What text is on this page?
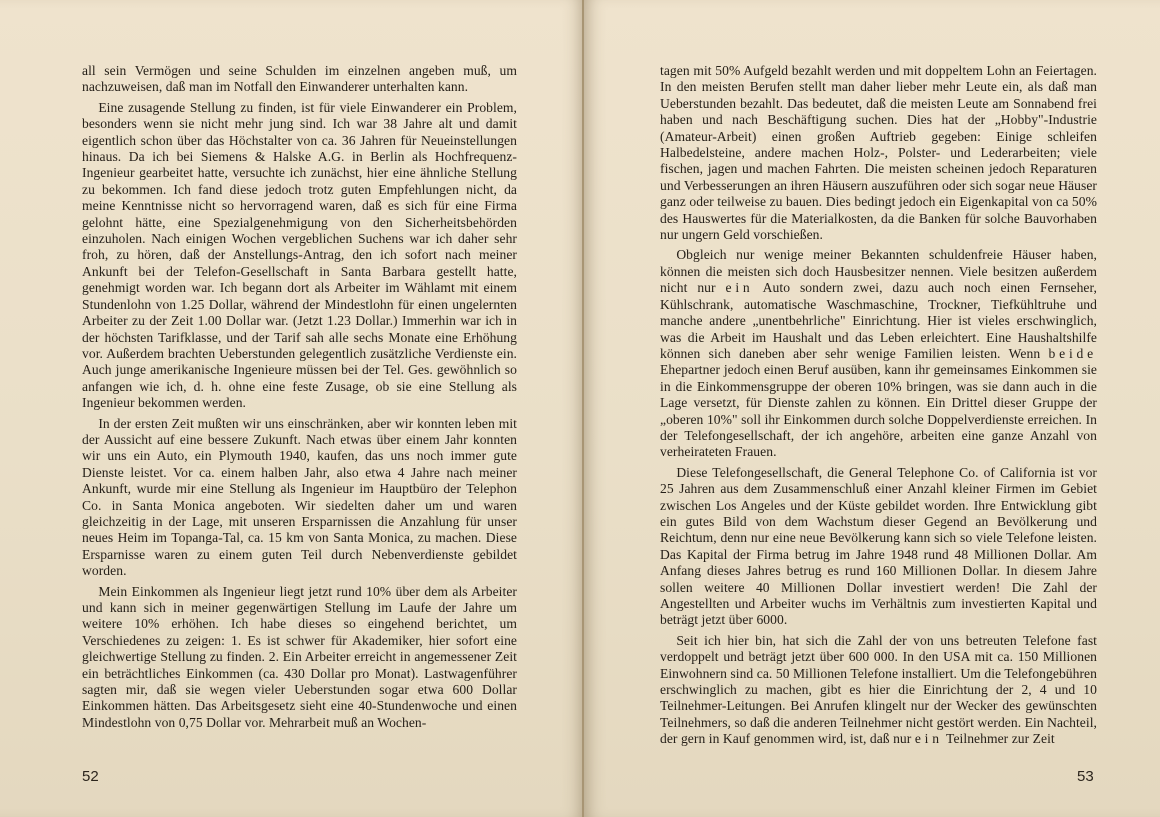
all sein Vermögen und seine Schulden im einzelnen angeben muß, um nachzuweisen, daß man im Notfall den Einwanderer unterhalten kann.

Eine zusagende Stellung zu finden, ist für viele Einwanderer ein Problem, besonders wenn sie nicht mehr jung sind. Ich war 38 Jahre alt und damit eigentlich schon über das Höchstalter von ca. 36 Jahren für Neueinstellungen hinaus. Da ich bei Siemens & Halske A.G. in Berlin als Hochfrequenz-Ingenieur gearbeitet hatte, versuchte ich zunächst, hier eine ähnliche Stellung zu bekommen. Ich fand diese jedoch trotz guten Empfehlungen nicht, da meine Kenntnisse nicht so hervorragend waren, daß es sich für eine Firma gelohnt hätte, eine Spezialgenehmigung von den Sicherheitsbehörden einzuholen. Nach einigen Wochen vergeblichen Suchens war ich daher sehr froh, zu hören, daß der Anstellungs-Antrag, den ich sofort nach meiner Ankunft bei der Telefon-Gesellschaft in Santa Barbara gestellt hatte, genehmigt worden war. Ich begann dort als Arbeiter im Wählamt mit einem Stundenlohn von 1.25 Dollar, während der Mindestlohn für einen ungelernten Arbeiter zu der Zeit 1.00 Dollar war. (Jetzt 1.23 Dollar.) Immerhin war ich in der höchsten Tarifklasse, und der Tarif sah alle sechs Monate eine Erhöhung vor. Außerdem brachten Ueberstunden gelegentlich zusätzliche Verdienste ein. Auch junge amerikanische Ingenieure müssen bei der Tel. Ges. gewöhnlich so anfangen wie ich, d. h. ohne eine feste Zusage, ob sie eine Stellung als Ingenieur bekommen werden.

In der ersten Zeit mußten wir uns einschränken, aber wir konnten leben mit der Aussicht auf eine bessere Zukunft. Nach etwas über einem Jahr konnten wir uns ein Auto, ein Plymouth 1940, kaufen, das uns noch immer gute Dienste leistet. Vor ca. einem halben Jahr, also etwa 4 Jahre nach meiner Ankunft, wurde mir eine Stellung als Ingenieur im Hauptbüro der Telephon Co. in Santa Monica angeboten. Wir siedelten daher um und waren gleichzeitig in der Lage, mit unseren Ersparnissen die Anzahlung für unser neues Heim im Topanga-Tal, ca. 15 km von Santa Monica, zu machen. Diese Ersparnisse waren zu einem guten Teil durch Nebenverdienste gebildet worden.

Mein Einkommen als Ingenieur liegt jetzt rund 10% über dem als Arbeiter und kann sich in meiner gegenwärtigen Stellung im Laufe der Jahre um weitere 10% erhöhen. Ich habe dieses so eingehend berichtet, um Verschiedenes zu zeigen: 1. Es ist schwer für Akademiker, hier sofort eine gleichwertige Stellung zu finden. 2. Ein Arbeiter erreicht in angemessener Zeit ein beträchtliches Einkommen (ca. 430 Dollar pro Monat). Lastwagenführer sagten mir, daß sie wegen vieler Ueberstunden sogar etwa 600 Dollar Einkommen hätten. Das Arbeitsgesetz sieht eine 40-Stundenwoche und einen Mindestlohn von 0,75 Dollar vor. Mehrarbeit muß an Wochen-

52

tagen mit 50% Aufgeld bezahlt werden und mit doppeltem Lohn an Feiertagen. In den meisten Berufen stellt man daher lieber mehr Leute ein, als daß man Ueberstunden bezahlt. Das bedeutet, daß die meisten Leute am Sonnabend frei haben und nach Beschäftigung suchen. Dies hat der „Hobby"-Industrie (Amateur-Arbeit) einen großen Auftrieb gegeben: Einige schleifen Halbedelsteine, andere machen Holz-, Polster- und Lederarbeiten; viele fischen, jagen und machen Fahrten. Die meisten scheinen jedoch Reparaturen und Verbesserungen an ihren Häusern auszuführen oder sich sogar neue Häuser ganz oder teilweise zu bauen. Dies bedingt jedoch ein Eigenkapital von ca 50% des Hauswertes für die Materialkosten, da die Banken für solche Bauvorhaben nur ungern Geld vorschießen.

Obgleich nur wenige meiner Bekannten schuldenfreie Häuser haben, können die meisten sich doch Hausbesitzer nennen. Viele besitzen außerdem nicht nur ein Auto sondern zwei, dazu auch noch einen Fernseher, Kühlschrank, automatische Waschmaschine, Trockner, Tiefkühltruhe und manche andere „unentbehrliche" Einrichtung. Hier ist vieles erschwinglich, was die Arbeit im Haushalt und das Leben erleichtert. Eine Haushaltshilfe können sich daneben aber sehr wenige Familien leisten. Wenn beide Ehepartner jedoch einen Beruf ausüben, kann ihr gemeinsames Einkommen sie in die Einkommensgruppe der oberen 10% bringen, was sie dann auch in die Lage versetzt, für Dienste zahlen zu können. Ein Drittel dieser Gruppe der „oberen 10%" soll ihr Einkommen durch solche Doppelverdienste erreichen. In der Telefongesellschaft, der ich angehöre, arbeiten eine ganze Anzahl von verheirateten Frauen.

Diese Telefongesellschaft, die General Telephone Co. of California ist vor 25 Jahren aus dem Zusammenschluß einer Anzahl kleiner Firmen im Gebiet zwischen Los Angeles und der Küste gebildet worden. Ihre Entwicklung gibt ein gutes Bild von dem Wachstum dieser Gegend an Bevölkerung und Reichtum, denn nur eine neue Bevölkerung kann sich so viele Telefone leisten. Das Kapital der Firma betrug im Jahre 1948 rund 48 Millionen Dollar. Am Anfang dieses Jahres betrug es rund 160 Millionen Dollar. In diesem Jahre sollen weitere 40 Millionen Dollar investiert werden! Die Zahl der Angestellten und Arbeiter wuchs im Verhältnis zum investierten Kapital und beträgt jetzt über 6000.

Seit ich hier bin, hat sich die Zahl der von uns betreuten Telefone fast verdoppelt und beträgt jetzt über 600 000. In den USA mit ca. 150 Millionen Einwohnern sind ca. 50 Millionen Telefone installiert. Um die Telefongebühren erschwinglich zu machen, gibt es hier die Einrichtung der 2, 4 und 10 Teilnehmer-Leitungen. Bei Anrufen klingelt nur der Wecker des gewünschten Teilnehmers, so daß die anderen Teilnehmer nicht gestört werden. Ein Nachteil, der gern in Kauf genommen wird, ist, daß nur ein Teilnehmer zur Zeit

53
